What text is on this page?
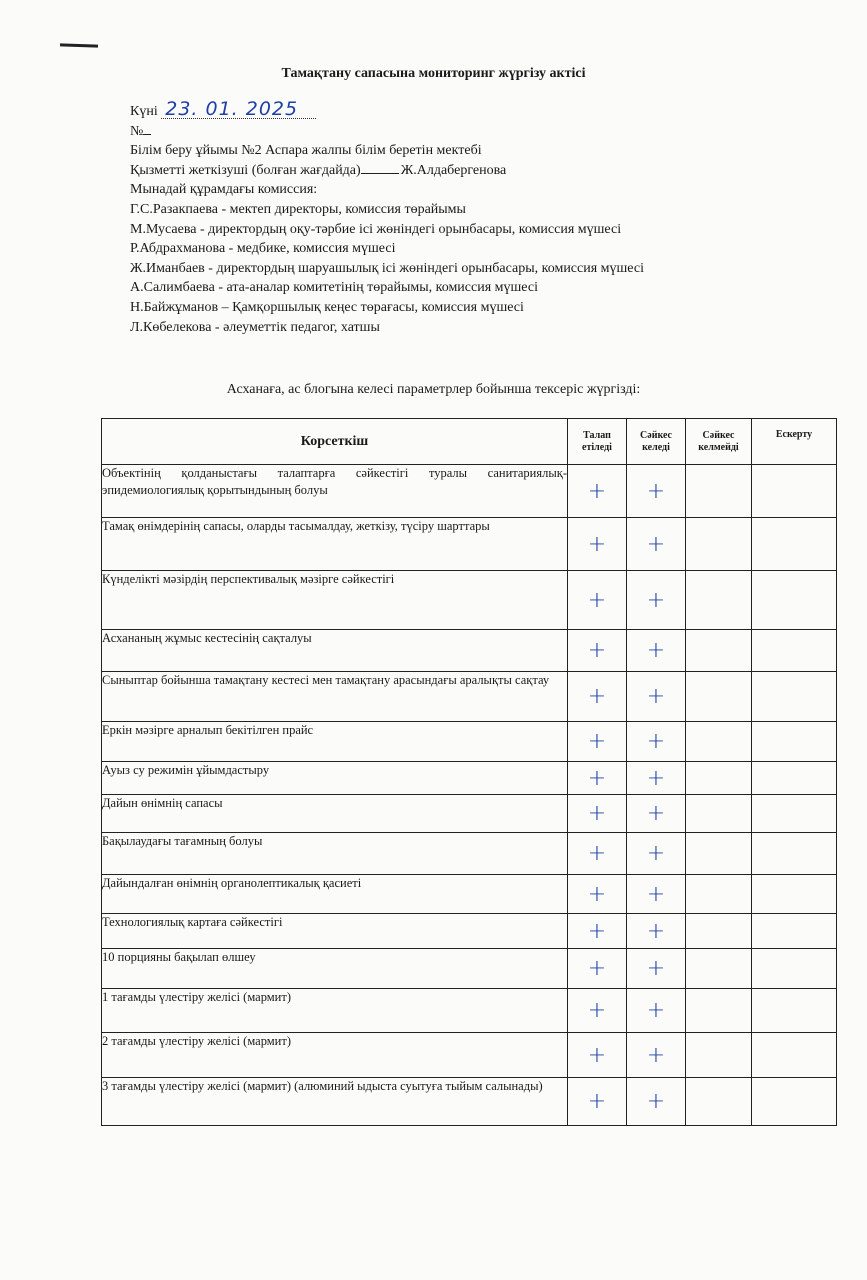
Тамақтану сапасына мониторинг жүргізу актісі
Күні 23. 01. 2025
№
Білім беру ұйымы №2 Аспара жалпы білім беретін мектебі
Қызметті жеткізуші (болған жағдайда)	Ж.Алдабергенова
Мынадай құрамдағы комиссия:
Г.С.Разакпаева - мектеп директоры, комиссия төрайымы
М.Мусаева - директордың оқу-тәрбие ісі жөніндегі орынбасары, комиссия мүшесі
Р.Абдрахманова - медбике, комиссия мүшесі
Ж.Иманбаев - директордың шаруашылық ісі жөніндегі орынбасары, комиссия мүшесі
А.Салимбаева - ата-аналар комитетінің төрайымы, комиссия мүшесі
Н.Байжұманов – Қамқоршылық кеңес төрағасы, комиссия мүшесі
Л.Көбелекова - әлеуметтік педагог, хатшы
Асханаға, ас блогына келесі параметрлер бойынша тексеріс жүргізді:
Корсеткіш	Талап етіледі	Сәйкес келеді	Сәйкес келмейді	Ескерту
Объектінің қолданыстағы талаптарға сәйкестігі туралы санитариялық-эпидемиологиялық қорытындының болуы	+	+		
Тамақ өнімдерінің сапасы, оларды тасымалдау, жеткізу, түсіру шарттары	+	+		
Күнделікті мәзірдің перспективалық мәзірге сәйкестігі	+	+		
Асхананың жұмыс кестесінің сақталуы	+	+		
Сыныптар бойынша тамақтану кестесі мен тамақтану арасындағы аралықты сақтау	+	+		
Еркін мәзірге арналып бекітілген прайс	+	+		
Ауыз су режимін ұйымдастыру	+	+		
Дайын өнімнің сапасы	+	+		
Бақылаудағы тағамның болуы	+	+		
Дайындалған өнімнің органолептикалық қасиеті	+	+		
Технологиялық картаға сәйкестігі	+	+		
10 порцияны бақылап өлшеу	+	+		
1 тағамды үлестіру желісі (мармит)	+	+		
2 тағамды үлестіру желісі (мармит)	+	+		
3 тағамды үлестіру желісі (мармит) (алюминий ыдыста суытуға тыйым салынады)	+	+		
